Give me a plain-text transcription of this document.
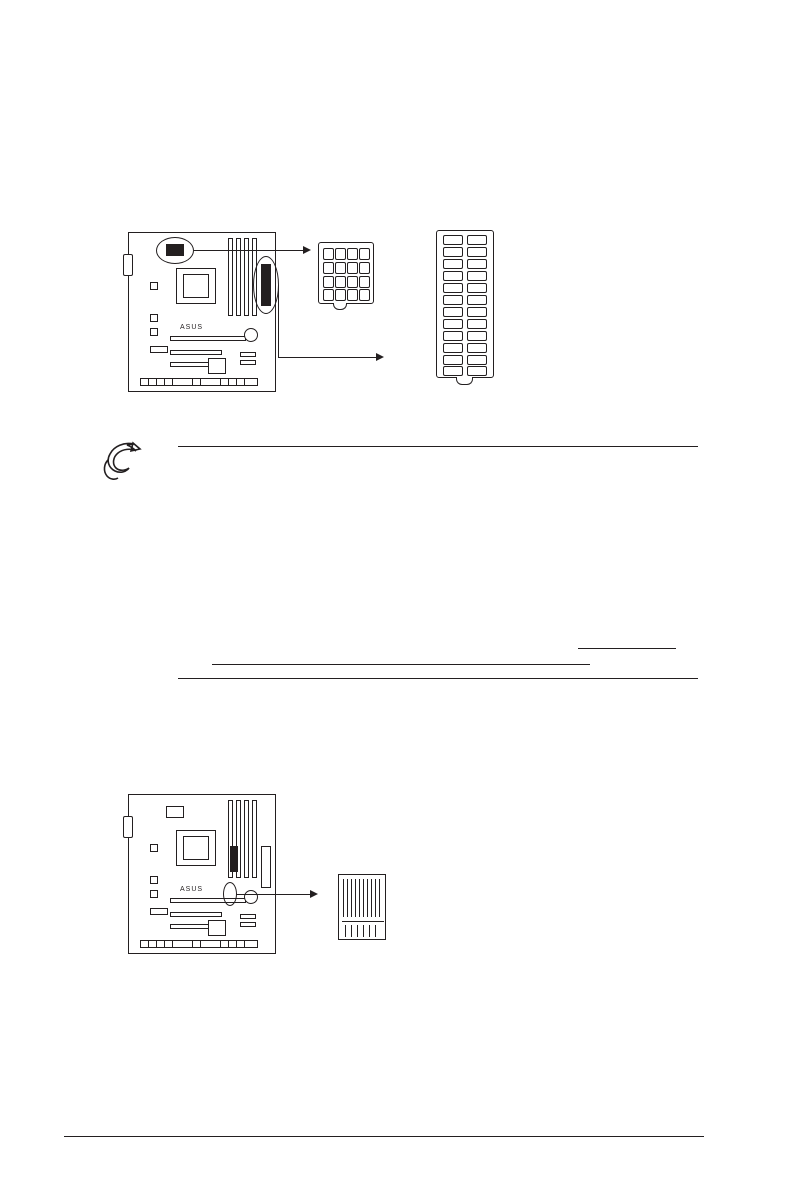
ASUS
ASUS
